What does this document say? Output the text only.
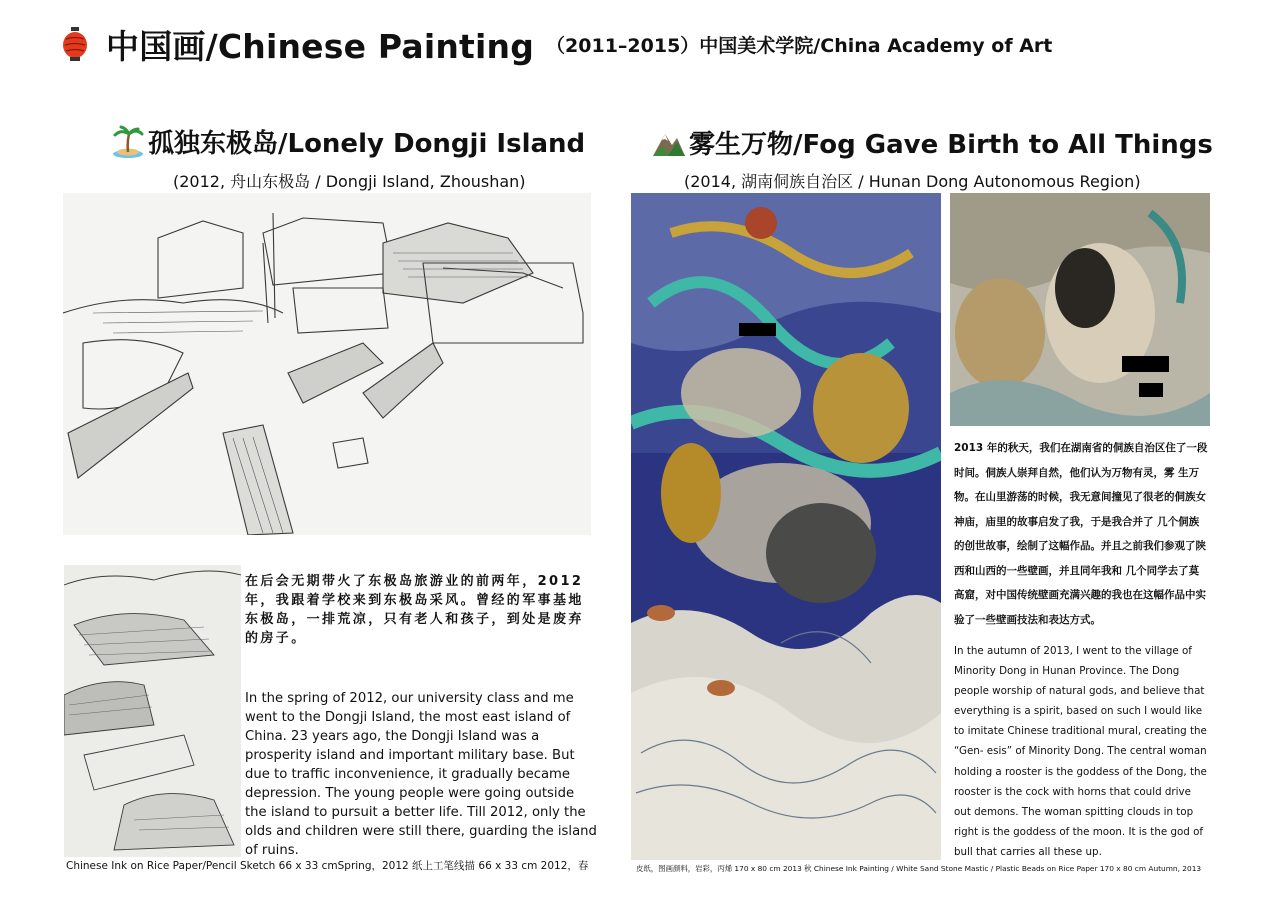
中国画/Chinese Painting （2011–2015）中国美术学院/China Academy of Art
孤独东极岛/Lonely Dongji Island
(2012, 舟山东极岛 / Dongji Island, Zhoushan)
在后会无期带火了东极岛旅游业的前两年，2012年，我跟着学校来到东极岛采风。曾经的军事基地东极岛，一排荒凉，只有老人和孩子，到处是废弃的房子。
In the spring of 2012, our university class and me went to the Dongji Island, the most east island of China. 23 years ago, the Dongji Island was a prosperity island and important military base. But due to traffic inconvenience, it gradually became depression. The young people were going outside the island to pursuit a better life. Till 2012, only the olds and children were still there, guarding the island of ruins.
Chinese Ink on Rice Paper/Pencil Sketch 66 x 33 cmSpring，2012 纸上工笔线描 66 x 33 cm 2012，春
雾生万物/Fog Gave Birth to All Things
(2014, 湖南侗族自治区 / Hunan Dong Autonomous Region)
2013 年的秋天，我们在湖南省的侗族自治区住了一段时间。侗族人崇拜自然，他们认为万物有灵，雾 生万物。在山里游荡的时候，我无意间撞见了很老的侗族女神庙，庙里的故事启发了我，于是我合并了 几个侗族的创世故事，绘制了这幅作品。并且之前我们参观了陕西和山西的一些壁画，并且同年我和 几个同学去了莫高窟，对中国传统壁画充满兴趣的我也在这幅作品中实验了一些壁画技法和表达方式。
In the autumn of 2013, I went to the village of Minority Dong in Hunan Province. The Dong people worship of natural gods, and believe that everything is a spirit, based on such I would like to imitate Chinese traditional mural, creating the “Gen- esis” of Minority Dong. The central woman holding a rooster is the goddess of the Dong, the rooster is the cock with horns that could drive out demons. The woman spitting clouds in top right is the goddess of the moon. It is the god of bull that carries all these up.
皮纸，图画颜料，岩彩，丙烯 170 x 80 cm 2013 秋 Chinese Ink Painting / White Sand Stone Mastic / Plastic Beads on Rice Paper 170 x 80 cm Autumn, 2013
